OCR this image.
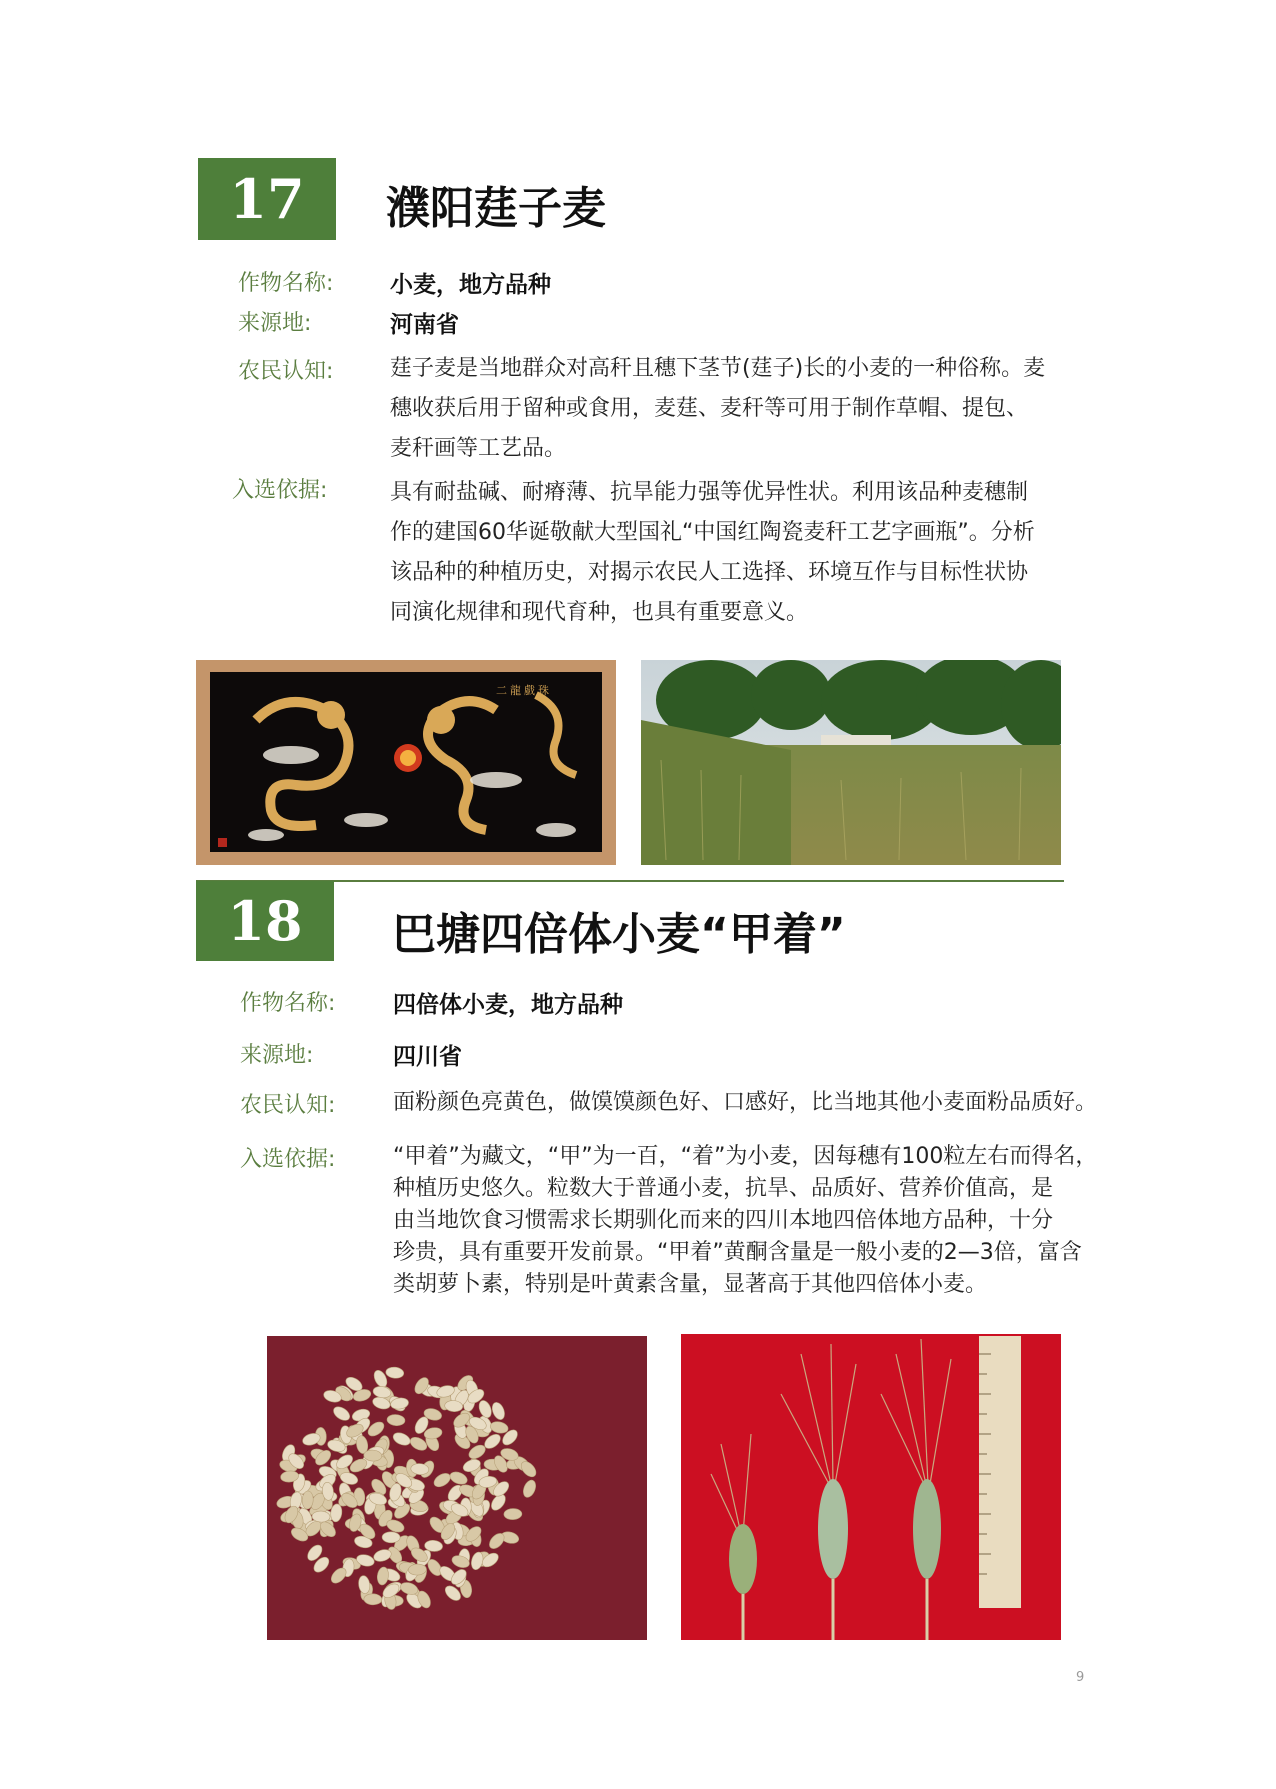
17	濮阳莛子麦
作物名称: 小麦，地方品种
来源地:	河南省
农民认知:	莛子麦是当地群众对高秆且穗下茎节(莛子)长的小麦的一种俗称。麦
穗收获后用于留种或食用，麦莛、麦秆等可用于制作草帽、提包、
麦秆画等工艺品。
入选依据:	具有耐盐碱、耐瘠薄、抗旱能力强等优异性状。利用该品种麦穗制
作的建国60华诞敬献大型国礼“中国红陶瓷麦秆工艺字画瓶”。分析
该品种的种植历史，对揭示农民人工选择、环境互作与目标性状协
同演化规律和现代育种，也具有重要意义。
二龍戲珠
18	巴塘四倍体小麦“甲着”
作物名称:	四倍体小麦，地方品种
来源地:	四川省
农民认知:	面粉颜色亮黄色，做馍馍颜色好、口感好，比当地其他小麦面粉品质好。
入选依据:	“甲着”为藏文，“甲”为一百，“着”为小麦，因每穗有100粒左右而得名，
种植历史悠久。粒数大于普通小麦，抗旱、品质好、营养价值高，是
由当地饮食习惯需求长期驯化而来的四川本地四倍体地方品种，十分
珍贵，具有重要开发前景。“甲着”黄酮含量是一般小麦的2—3倍，富含
类胡萝卜素，特别是叶黄素含量，显著高于其他四倍体小麦。
9
